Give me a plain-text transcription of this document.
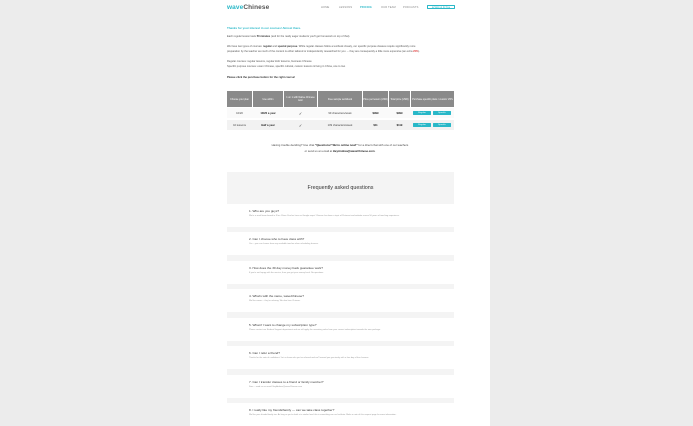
waveChinese	HOME	LESSONS	PRICING	OUR TEAM	PODCASTS	⊕ Sign up for free
Thanks for your interest in our courses! Almost there.
Each regular lesson lasts 50 minutes (and for the really eager students you'll get homework on top of that).
We have two types of courses: regular and special purpose. While regular classes follow a textbook closely, our specific purpose classes require significantly more
preparation by the teacher as much of the content is either tailored or independently researched for you → they are consequently a little more expensive (an extra 20%).
Regular courses: regular lessons, regular kids' lessons, business Chinese
Specific purpose courses: exam Chinese, specific cultural, custom lessons & living in China, one to two
Please click the purchase button for the right course!
Choose your plan	Use within	1 on 1 with Native Chinese tutor	Free sample workbook	Price per lesson (USD)	Total price (USD)	Purchase specific plans / custom VIPs
10/20	10/20 a year	✓	99 characters/week	$999	$999	Regular	Specific
10 lessons	Half a year	✓	109 characters/week	$11	$119	Regular	Specific
Having trouble deciding? Use chat "Questions? We're online now!" for a direct chat with one of our teachers
or send us an email at HeyAndrea@waveChinese.com.
Frequently asked questions
1. Who are you guys?
We're a small team based in Xi'an China. Find us here on Google maps! Chinese has been a topic of Pinterest and website across 50 years of teaching experience.
2. Can I choose who to have class with?
Yes – you can choose from any available teacher when scheduling lessons.
3. How does the 30 day money back guarantee work?
If you're not happy with the service, then you get your money back. No questions.
4. What's with the name, waveChinese?
We like waves – they're relaxing. We also love Chinese.
5. What if I want to change my subscription type?
Please contact our Student Support department and we will apply the remaining value from your current subscription towards the new package.
6. Can I refer a friend?
Thanks for the vote of confidence! Let us know who you've referred and we'll reward you graciously with a free day of free lessons.
7. Can I transfer classes to a friend or family member?
Sure – send us an email: HeyAndrea@waveChinese.com
8. I really like my friends/family — can we take class together?
We like your friends/family too. As long as you're both at a similar level this is something we can facilitate. Make a note of this request page for more information.
